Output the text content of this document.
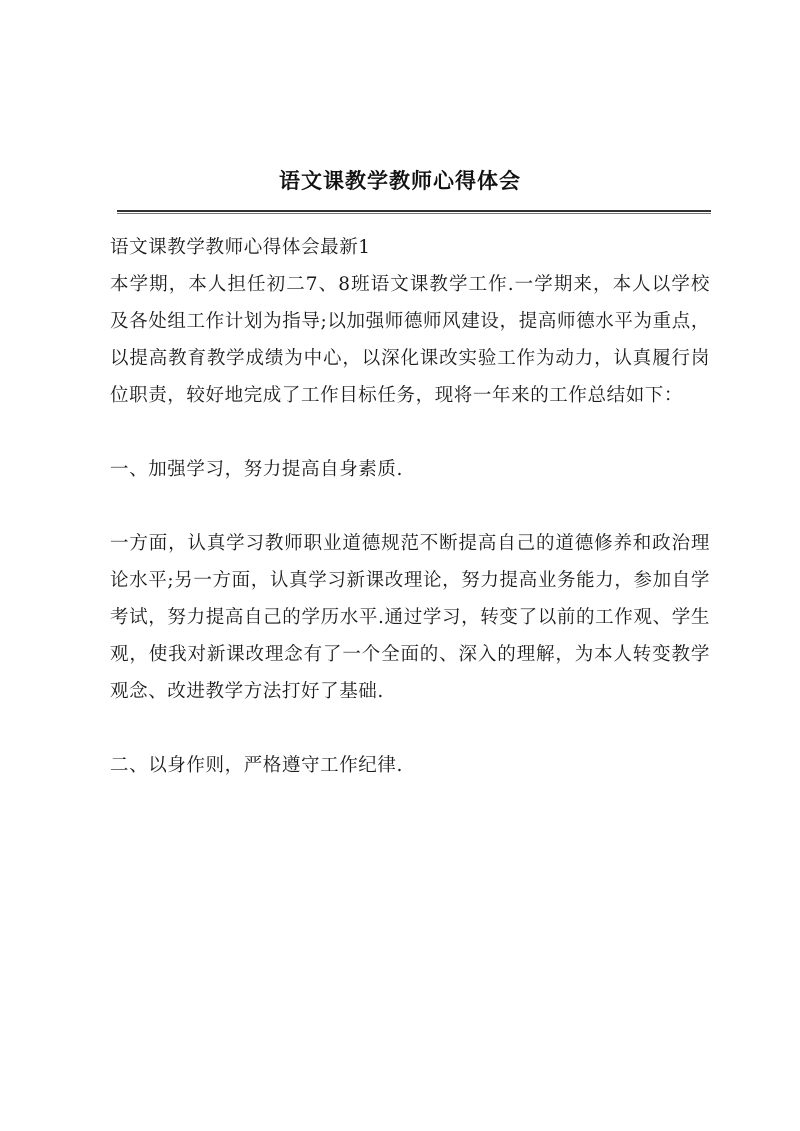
语文课教学教师心得体会

语文课教学教师心得体会最新1

本学期，本人担任初二7、8班语文课教学工作.一学期来，本人以学校及各处组工作计划为指导;以加强师德师风建设，提高师德水平为重点，以提高教育教学成绩为中心，以深化课改实验工作为动力，认真履行岗位职责，较好地完成了工作目标任务，现将一年来的工作总结如下：

一、加强学习，努力提高自身素质.

一方面，认真学习教师职业道德规范不断提高自己的道德修养和政治理论水平;另一方面，认真学习新课改理论，努力提高业务能力，参加自学考试，努力提高自己的学历水平.通过学习，转变了以前的工作观、学生观，使我对新课改理念有了一个全面的、深入的理解，为本人转变教学观念、改进教学方法打好了基础.

二、以身作则，严格遵守工作纪律.
